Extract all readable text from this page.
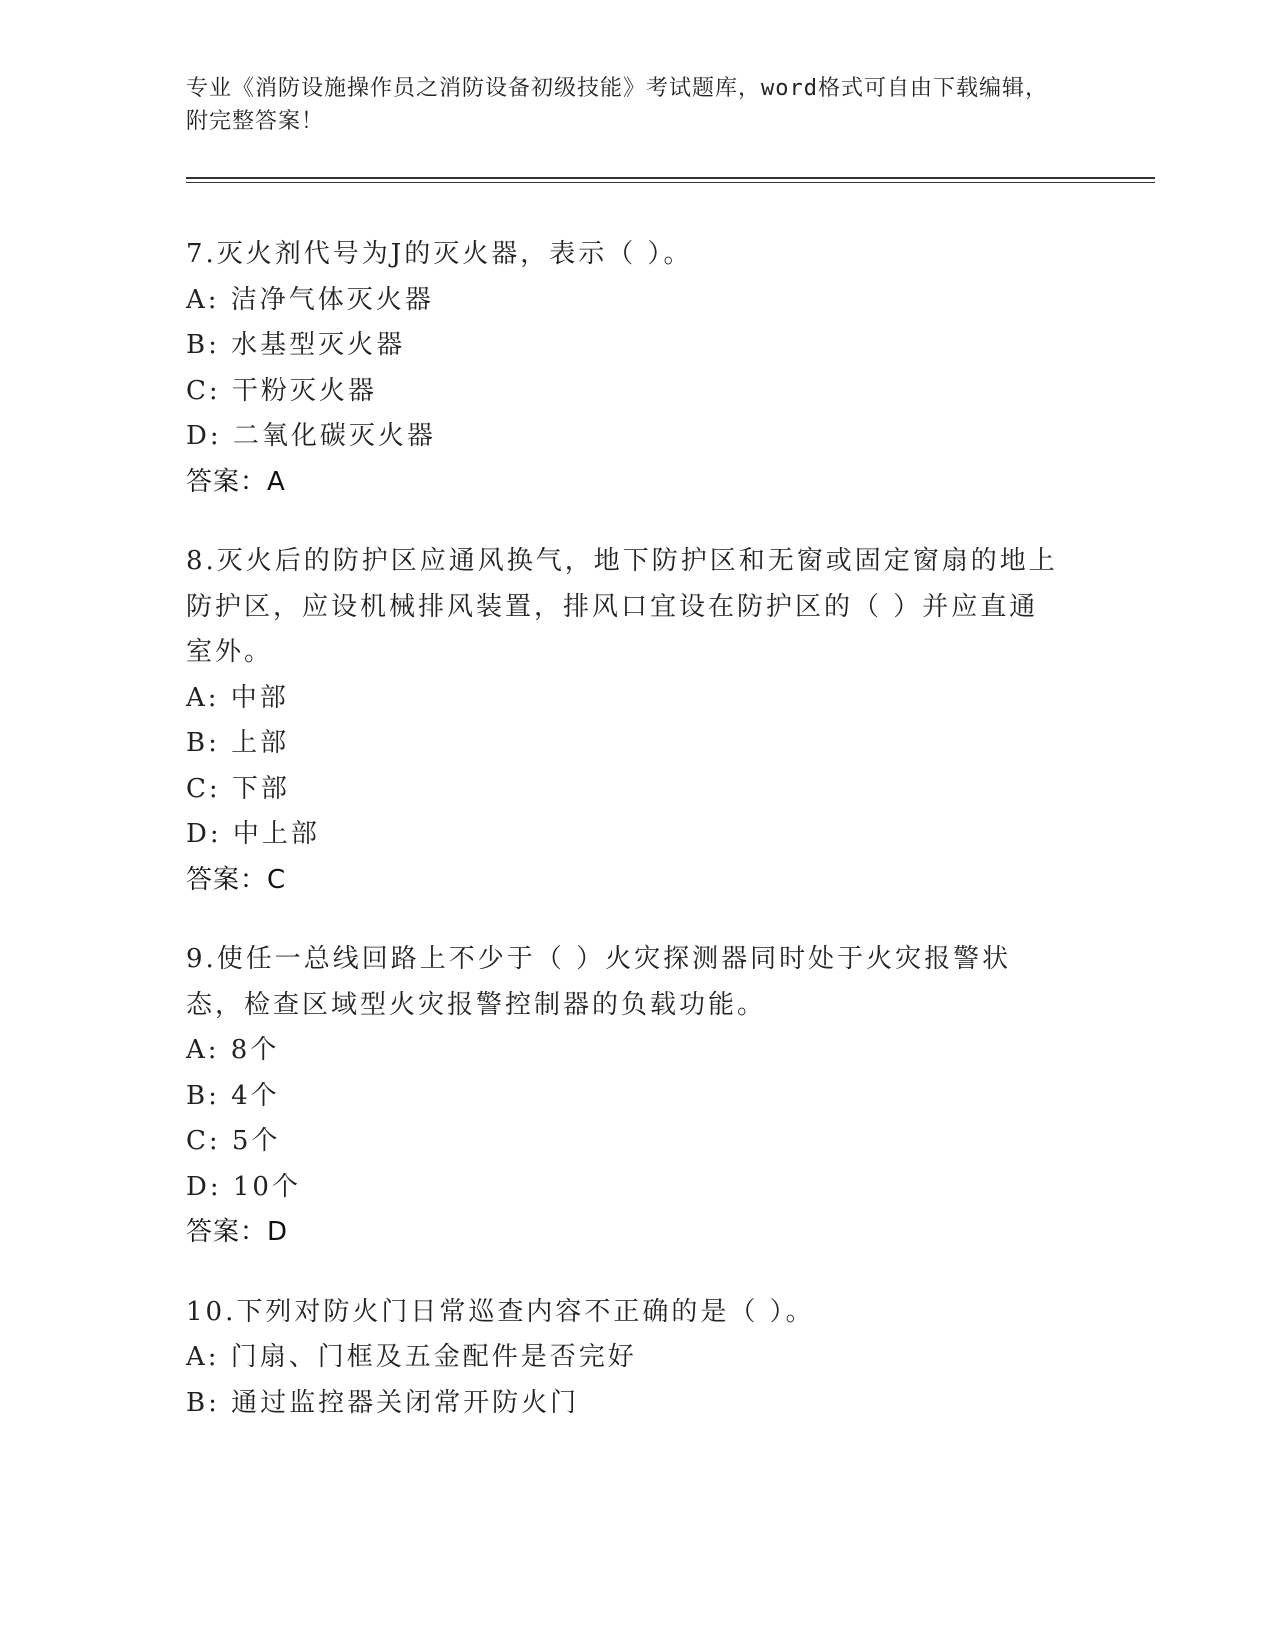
专业《消防设施操作员之消防设备初级技能》考试题库，word格式可自由下载编辑，附完整答案！

7.灭火剂代号为J的灭火器，表示（ ）。

A: 洁净气体灭火器

B: 水基型灭火器

C: 干粉灭火器

D: 二氧化碳灭火器

答案：A

8.灭火后的防护区应通风换气，地下防护区和无窗或固定窗扇的地上防护区，应设机械排风装置，排风口宜设在防护区的（ ）并应直通室外。

A: 中部

B: 上部

C: 下部

D: 中上部

答案：C

9.使任一总线回路上不少于（ ）火灾探测器同时处于火灾报警状态，检查区域型火灾报警控制器的负载功能。

A: 8个

B: 4个

C: 5个

D: 10个

答案：D

10.下列对防火门日常巡查内容不正确的是（ ）。

A: 门扇、门框及五金配件是否完好

B: 通过监控器关闭常开防火门
